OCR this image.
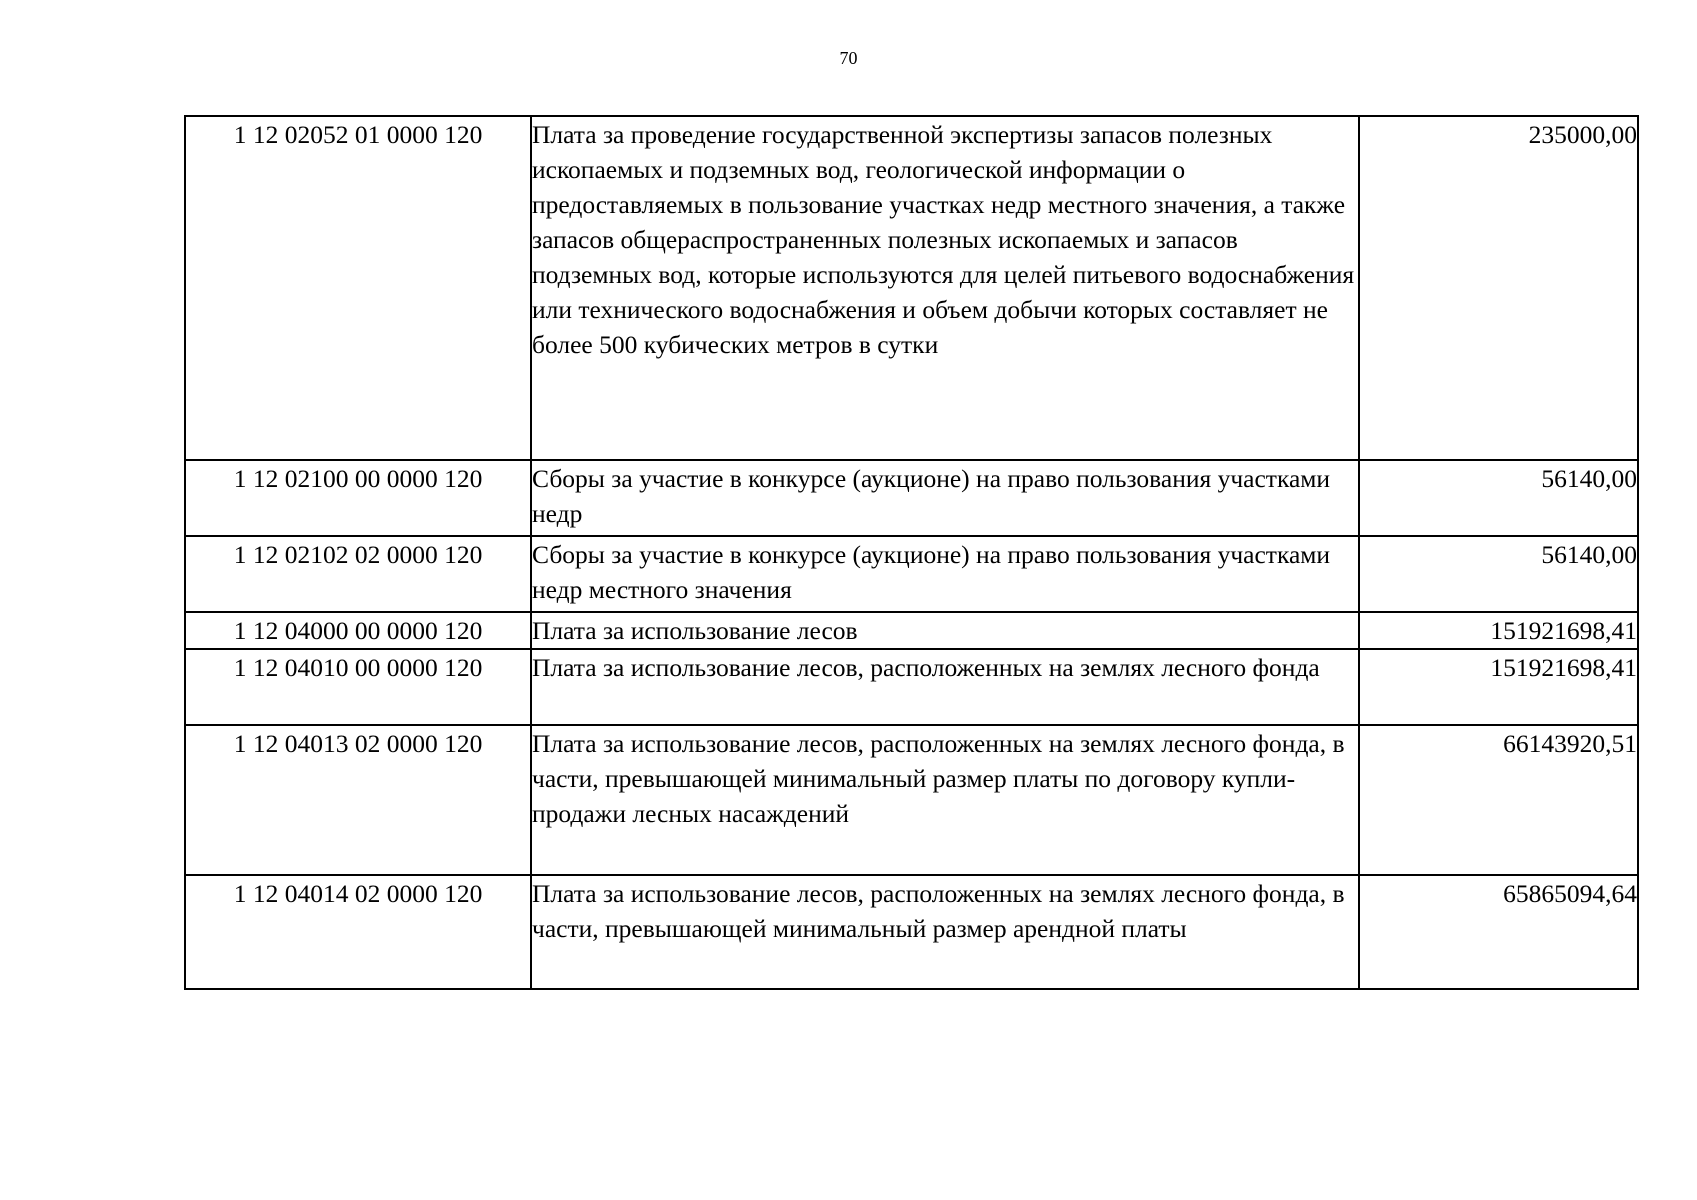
70
1 12 02052 01 0000 120	Плата за проведение государственной экспертизы запасов полезных ископаемых и подземных вод, геологической информации о предоставляемых в пользование участках недр местного значения, а также запасов общераспространенных полезных ископаемых и запасов подземных вод, которые используются для целей питьевого водоснабжения или технического водоснабжения и объем добычи которых составляет не более 500 кубических метров в сутки	235000,00
1 12 02100 00 0000 120	Сборы за участие в конкурсе (аукционе) на право пользования участками недр	56140,00
1 12 02102 02 0000 120	Сборы за участие в конкурсе (аукционе) на право пользования участками недр местного значения	56140,00
1 12 04000 00 0000 120	Плата за использование лесов	151921698,41
1 12 04010 00 0000 120	Плата за использование лесов, расположенных на землях лесного фонда	151921698,41
1 12 04013 02 0000 120	Плата за использование лесов, расположенных на землях лесного фонда, в части, превышающей минимальный размер платы по договору купли-продажи лесных насаждений	66143920,51
1 12 04014 02 0000 120	Плата за использование лесов, расположенных на землях лесного фонда, в части, превышающей минимальный размер арендной платы	65865094,64
